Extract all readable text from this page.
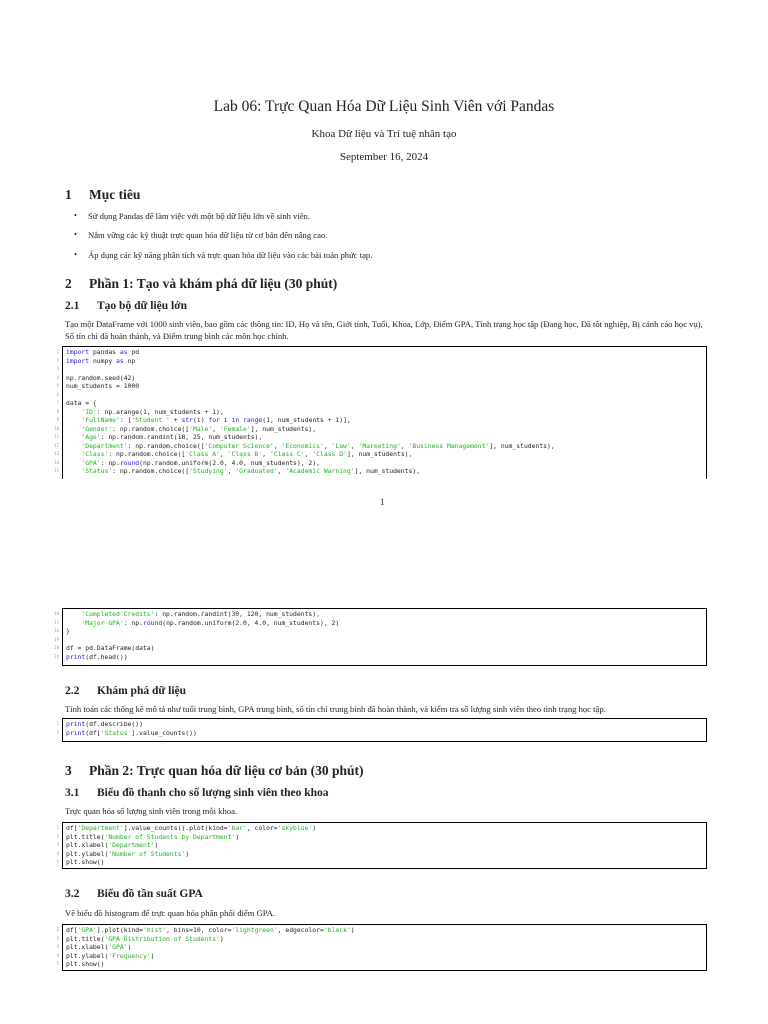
Lab 06: Trực Quan Hóa Dữ Liệu Sinh Viên với Pandas
Khoa Dữ liệu và Trí tuệ nhân tạo
September 16, 2024
1 Mục tiêu
• Sử dụng Pandas để làm việc với một bộ dữ liệu lớn về sinh viên.
• Nắm vững các kỹ thuật trực quan hóa dữ liệu từ cơ bản đến nâng cao.
• Áp dụng các kỹ năng phân tích và trực quan hóa dữ liệu vào các bài toán phức tạp.
2 Phần 1: Tạo và khám phá dữ liệu (30 phút)
2.1 Tạo bộ dữ liệu lớn
Tạo một DataFrame với 1000 sinh viên, bao gồm các thông tin: ID, Họ và tên, Giới tính, Tuổi, Khoa, Lớp, Điểm GPA, Tình trạng học tập (Đang học, Đã tốt nghiệp, Bị cảnh cáo học vụ), Số tín chỉ đã hoàn thành, và Điểm trung bình các môn học chính.
1 import pandas as pd
2 import numpy as np
3
4 np.random.seed(42)
5 num_students = 1000
6
7 data = {
8	'ID': np.arange(1, num_students + 1),
9	'FullName': ['Student ' + str(i) for i in range(1, num_students + 1)],
10	'Gender': np.random.choice(['Male', 'Female'], num_students),
11	'Age': np.random.randint(18, 25, num_students),
12	'Department': np.random.choice(['Computer Science', 'Economics', 'Law', 'Marketing', 'Business Management'], num_students),
13	'Class': np.random.choice(['Class A', 'Class B', 'Class C', 'Class D'], num_students),
14	'GPA': np.round(np.random.uniform(2.0, 4.0, num_students), 2),
15	'Status': np.random.choice(['Studying', 'Graduated', 'Academic Warning'], num_students),
1
16	'Completed Credits': np.random.randint(30, 120, num_students),
17	'Major GPA': np.round(np.random.uniform(2.0, 4.0, num_students), 2)
18 }
19
20 df = pd.DataFrame(data)
21 print(df.head())
2.2 Khám phá dữ liệu
Tính toán các thống kê mô tả như tuổi trung bình, GPA trung bình, số tín chỉ trung bình đã hoàn thành, và kiểm tra số lượng sinh viên theo tình trạng học tập.
1 print(df.describe())
2 print(df['Status'].value_counts())
3 Phần 2: Trực quan hóa dữ liệu cơ bản (30 phút)
3.1 Biểu đồ thanh cho số lượng sinh viên theo khoa
Trực quan hóa số lượng sinh viên trong mỗi khoa.
1 df['Department'].value_counts().plot(kind='bar', color='skyblue')
2 plt.title('Number of Students by Department')
3 plt.xlabel('Department')
4 plt.ylabel('Number of Students')
5 plt.show()
3.2 Biểu đồ tần suất GPA
Vẽ biểu đồ histogram để trực quan hóa phân phối điểm GPA.
1 df['GPA'].plot(kind='hist', bins=10, color='lightgreen', edgecolor='black')
2 plt.title('GPA Distribution of Students')
3 plt.xlabel('GPA')
4 plt.ylabel('Frequency')
5 plt.show()
